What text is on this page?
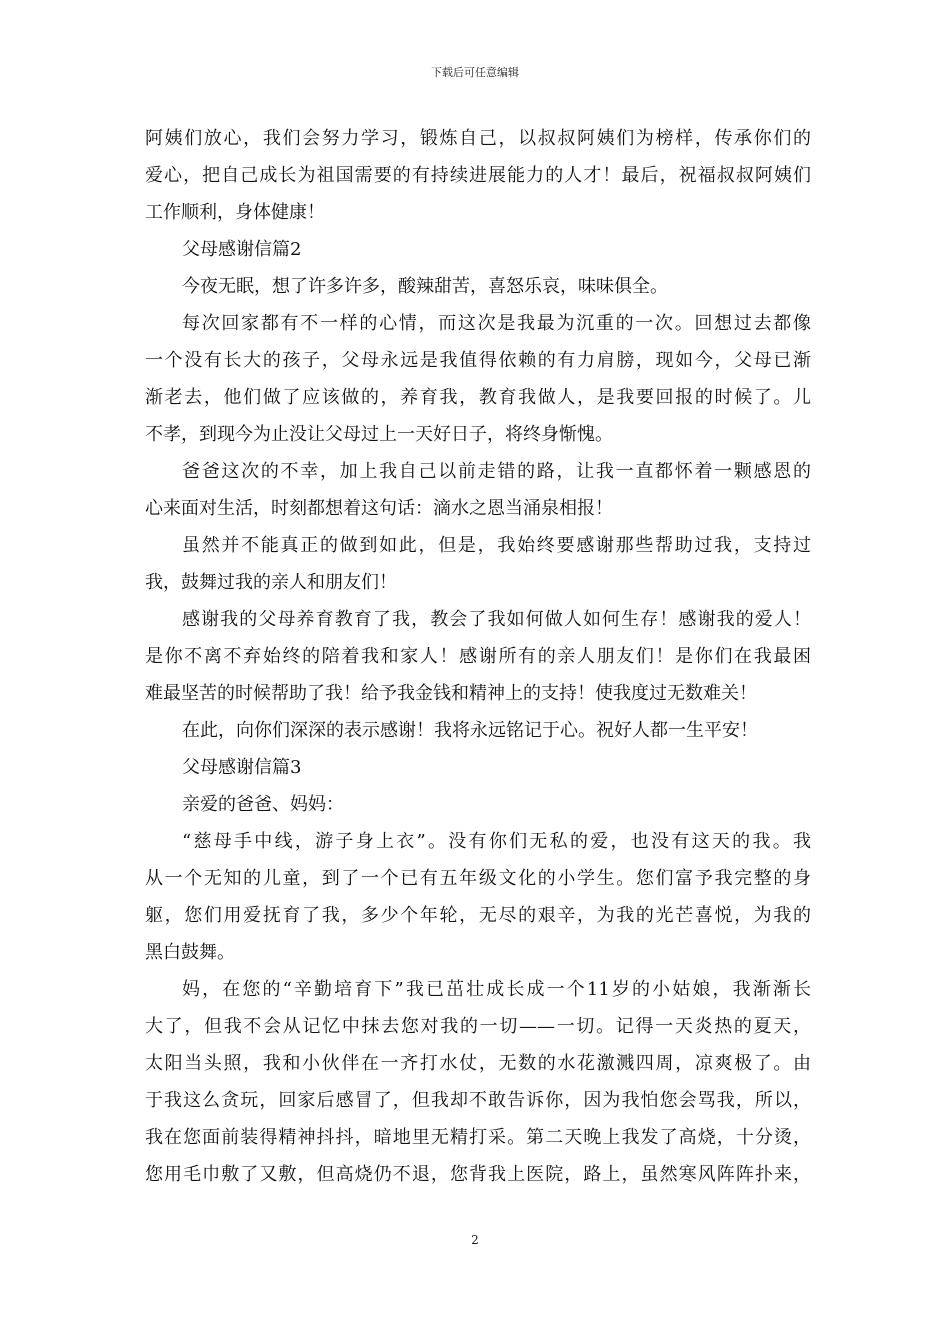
下载后可任意编辑
阿姨们放心，我们会努力学习，锻炼自己，以叔叔阿姨们为榜样，传承你们的
爱心，把自己成长为祖国需要的有持续进展能力的人才！最后，祝福叔叔阿姨们
工作顺利，身体健康！
父母感谢信篇2
今夜无眠，想了许多许多，酸辣甜苦，喜怒乐哀，味味俱全。
每次回家都有不一样的心情，而这次是我最为沉重的一次。回想过去都像
一个没有长大的孩子，父母永远是我值得依赖的有力肩膀，现如今，父母已渐
渐老去，他们做了应该做的，养育我，教育我做人，是我要回报的时候了。儿
不孝，到现今为止没让父母过上一天好日子，将终身惭愧。
爸爸这次的不幸，加上我自己以前走错的路，让我一直都怀着一颗感恩的
心来面对生活，时刻都想着这句话：滴水之恩当涌泉相报！
虽然并不能真正的做到如此，但是，我始终要感谢那些帮助过我，支持过
我，鼓舞过我的亲人和朋友们！
感谢我的父母养育教育了我，教会了我如何做人如何生存！感谢我的爱人！
是你不离不弃始终的陪着我和家人！感谢所有的亲人朋友们！是你们在我最困
难最坚苦的时候帮助了我！给予我金钱和精神上的支持！使我度过无数难关！
在此，向你们深深的表示感谢！我将永远铭记于心。祝好人都一生平安！
父母感谢信篇3
亲爱的爸爸、妈妈：
“慈母手中线，游子身上衣”。没有你们无私的爱，也没有这天的我。我
从一个无知的儿童，到了一个已有五年级文化的小学生。您们富予我完整的身
躯，您们用爱抚育了我，多少个年轮，无尽的艰辛，为我的光芒喜悦，为我的
黑白鼓舞。
妈，在您的“辛勤培育下”我已茁壮成长成一个11岁的小姑娘，我渐渐长
大了，但我不会从记忆中抹去您对我的一切——一切。记得一天炎热的夏天，
太阳当头照，我和小伙伴在一齐打水仗，无数的水花激溅四周，凉爽极了。由
于我这么贪玩，回家后感冒了，但我却不敢告诉你，因为我怕您会骂我，所以，
我在您面前装得精神抖抖，暗地里无精打采。第二天晚上我发了高烧，十分烫，
您用毛巾敷了又敷，但高烧仍不退，您背我上医院，路上，虽然寒风阵阵扑来，
2
